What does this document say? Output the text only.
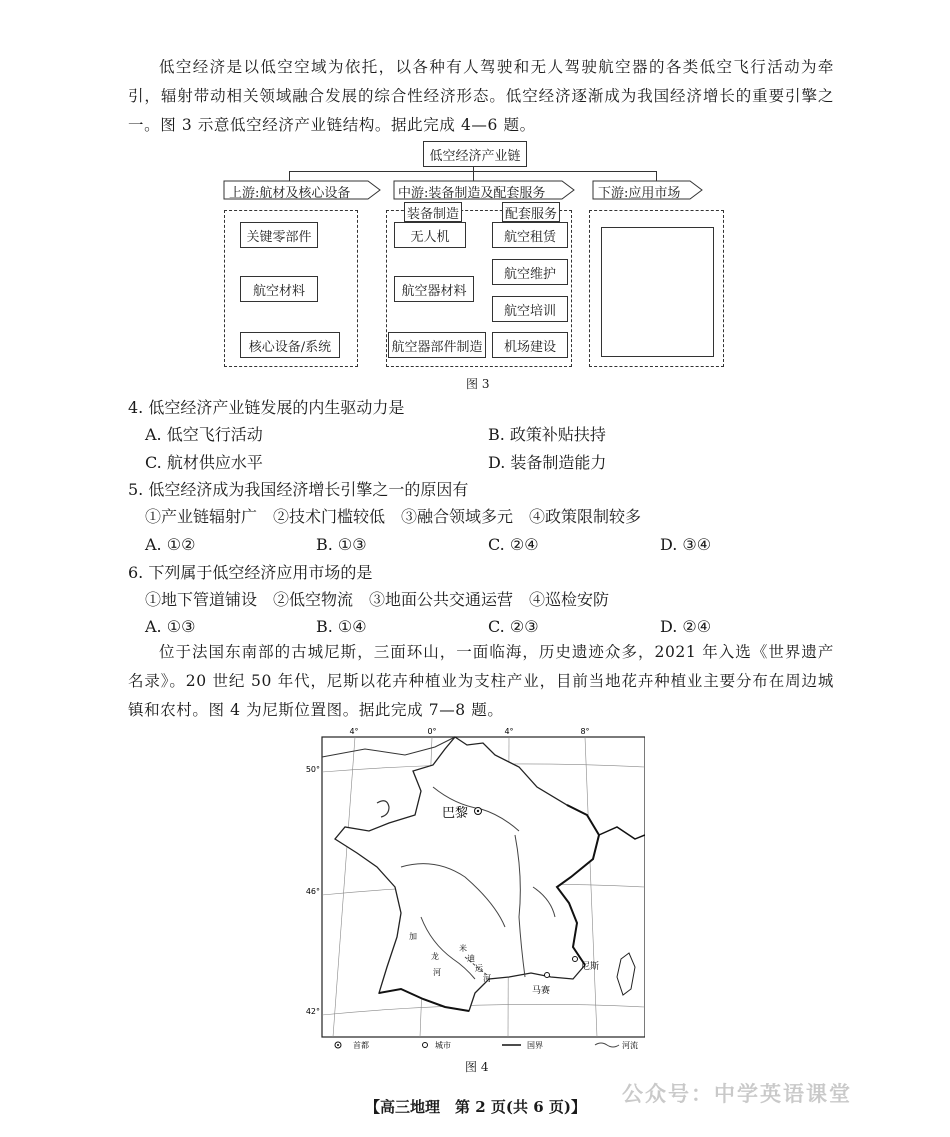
低空经济是以低空空域为依托，以各种有人驾驶和无人驾驶航空器的各类低空飞行活动为牵引，辐射带动相关领域融合发展的综合性经济形态。低空经济逐渐成为我国经济增长的重要引擎之一。图 3 示意低空经济产业链结构。据此完成 4—6 题。

低空经济产业链
上游:航材及核心设备	中游:装备制造及配套服务	下游:应用市场
关键零部件
航空材料
核心设备/系统
装备制造	配套服务
无人机
航空器材料
航空器部件制造
航空租赁
航空维护
航空培训
机场建设
图 3
4. 低空经济产业链发展的内生驱动力是
A. 低空飞行活动	B. 政策补贴扶持
C. 航材供应水平	D. 装备制造能力
5. 低空经济成为我国经济增长引擎之一的原因有
①产业链辐射广　②技术门槛较低　③融合领域多元　④政策限制较多
A. ①②	B. ①③	C. ②④	D. ③④
6. 下列属于低空经济应用市场的是
①地下管道铺设　②低空物流　③地面公共交通运营　④巡检安防
A. ①③	B. ①④	C. ②③	D. ②④

位于法国东南部的古城尼斯，三面环山，一面临海，历史遗迹众多，2021 年入选《世界遗产名录》。20 世纪 50 年代，尼斯以花卉种植业为支柱产业，目前当地花卉种植业主要分布在周边城镇和农村。图 4 为尼斯位置图。据此完成 7—8 题。

4°	0°	4°	8°
50°
46°
42°
巴黎
马赛
尼斯
加
龙
河
米
迪
运
河
首都	城市	国界	河流
图 4
【高三地理　第 2 页(共 6 页)】
公众号：中学英语课堂
